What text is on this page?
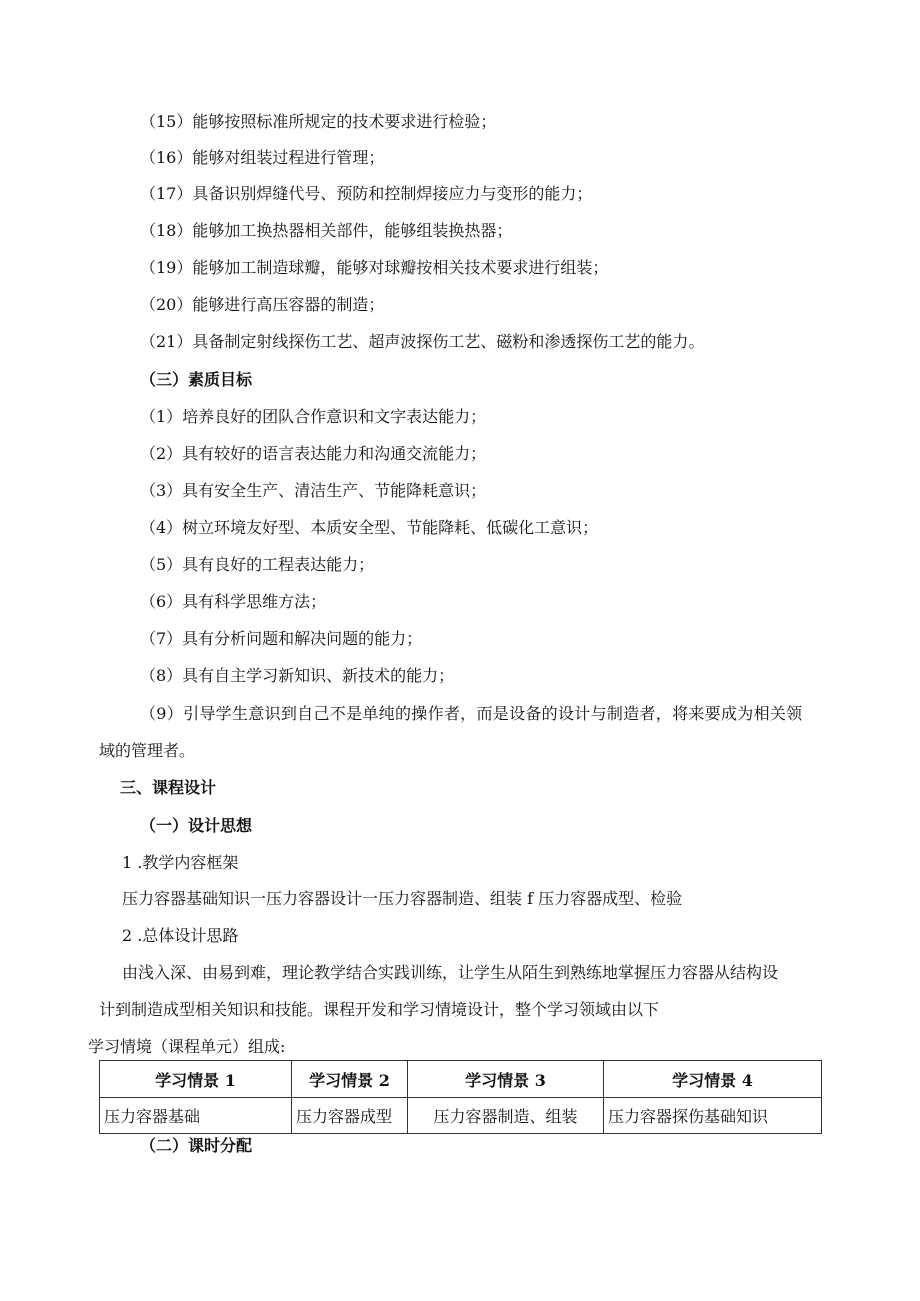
（15）能够按照标准所规定的技术要求进行检验；
（16）能够对组装过程进行管理；
（17）具备识别焊缝代号、预防和控制焊接应力与变形的能力；
（18）能够加工换热器相关部件，能够组装换热器；
（19）能够加工制造球瓣，能够对球瓣按相关技术要求进行组装；
（20）能够进行高压容器的制造；
（21）具备制定射线探伤工艺、超声波探伤工艺、磁粉和渗透探伤工艺的能力。
（三）素质目标
（1）培养良好的团队合作意识和文字表达能力；
（2）具有较好的语言表达能力和沟通交流能力；
（3）具有安全生产、清洁生产、节能降耗意识；
（4）树立环境友好型、本质安全型、节能降耗、低碳化工意识；
（5）具有良好的工程表达能力；
（6）具有科学思维方法；
（7）具有分析问题和解决问题的能力；
（8）具有自主学习新知识、新技术的能力；
（9）引导学生意识到自己不是单纯的操作者，而是设备的设计与制造者，将来要成为相关领
域的管理者。
三、课程设计
（一）设计思想
1 .教学内容框架
压力容器基础知识一压力容器设计一压力容器制造、组装 f 压力容器成型、检验
2 .总体设计思路
由浅入深、由易到难，理论教学结合实践训练，让学生从陌生到熟练地掌握压力容器从结构设
计到制造成型相关知识和技能。课程开发和学习情境设计，整个学习领域由以下
学习情境（课程单元）组成:
学习情景 1	学习情景 2	学习情景 3	学习情景 4
压力容器基础	压力容器成型	压力容器制造、组装	压力容器探伤基础知识
（二）课时分配
